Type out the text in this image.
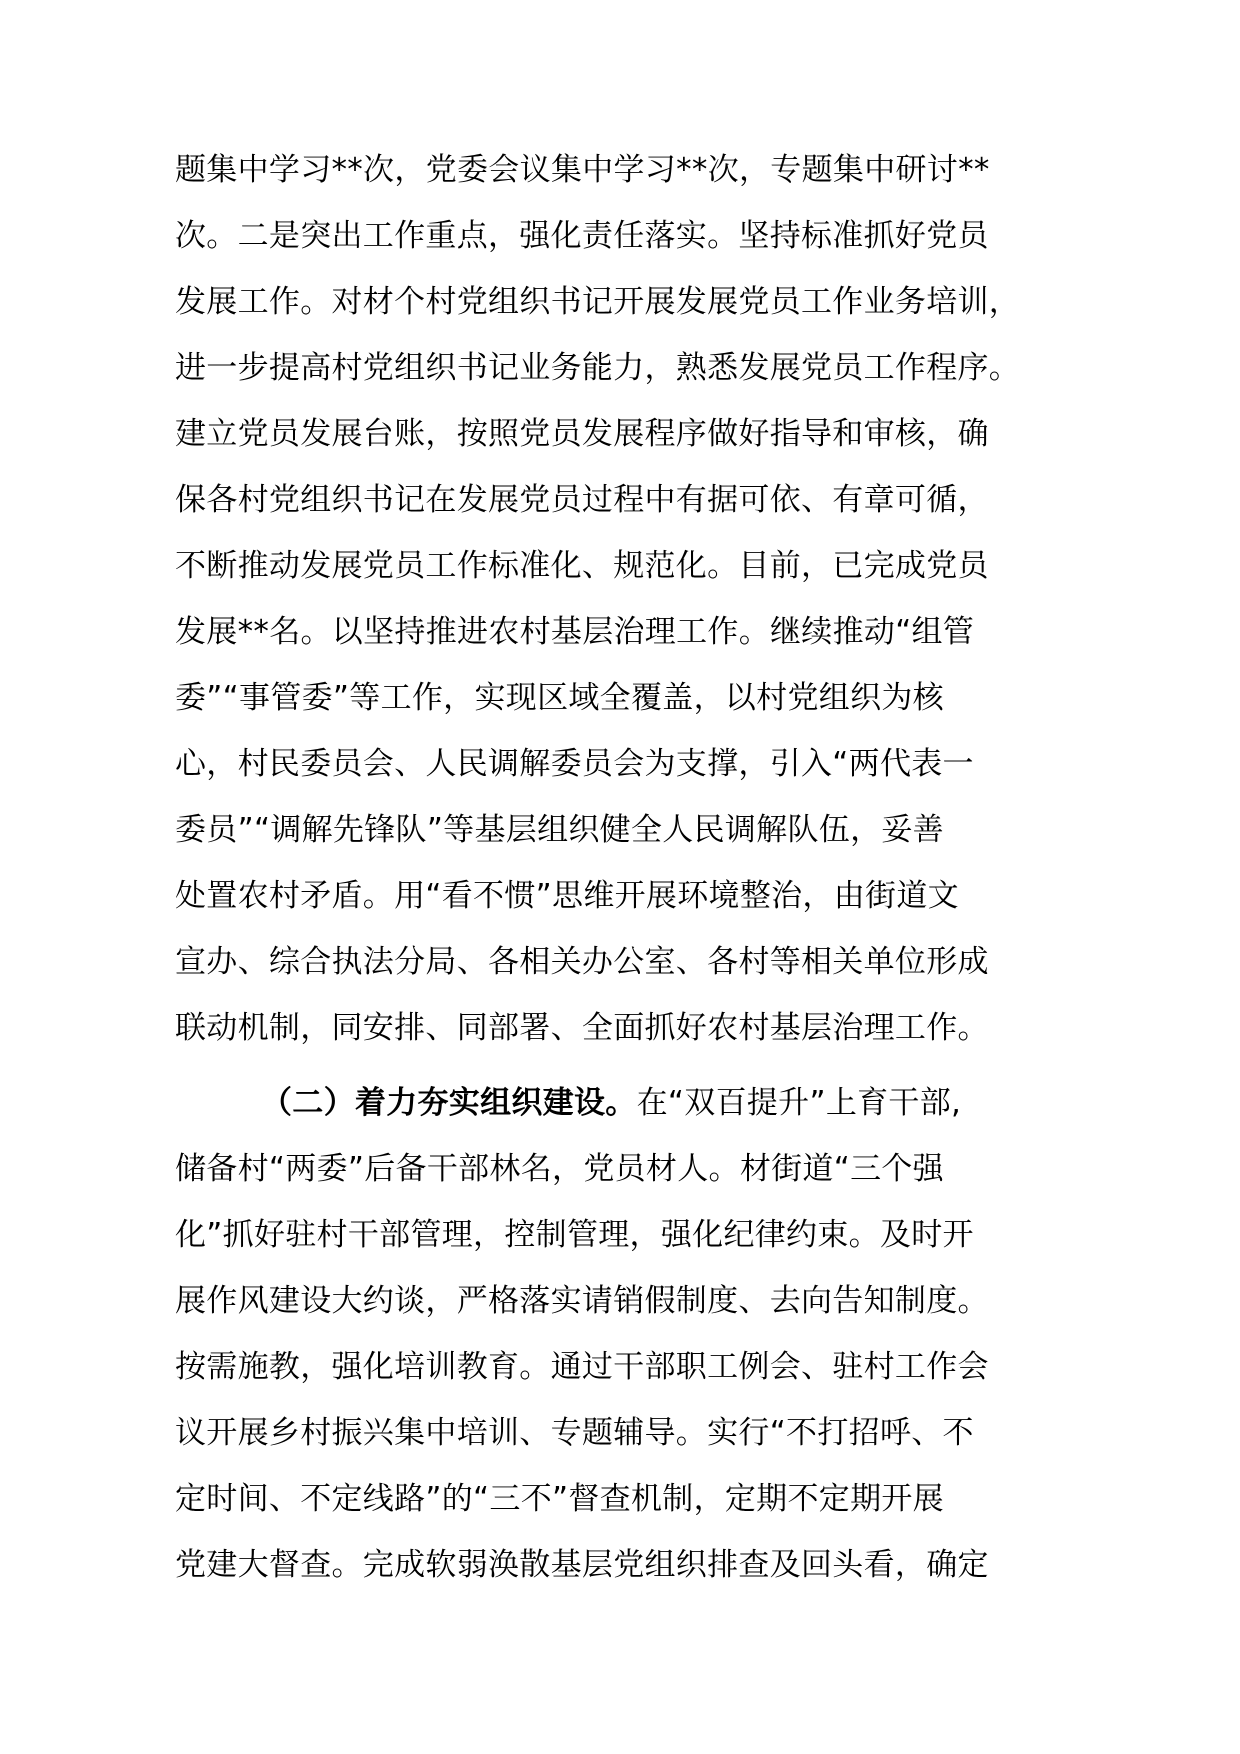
题集中学习**次，党委会议集中学习**次，专题集中研讨**
次。二是突出工作重点，强化责任落实。坚持标准抓好党员
发展工作。对材个村党组织书记开展发展党员工作业务培训，
进一步提高村党组织书记业务能力，熟悉发展党员工作程序。
建立党员发展台账，按照党员发展程序做好指导和审核，确
保各村党组织书记在发展党员过程中有据可依、有章可循，
不断推动发展党员工作标准化、规范化。目前，已完成党员
发展**名。以坚持推进农村基层治理工作。继续推动“组管
委”“事管委”等工作，实现区域全覆盖，以村党组织为核
心，村民委员会、人民调解委员会为支撑，引入“两代表一
委员”“调解先锋队”等基层组织健全人民调解队伍，妥善
处置农村矛盾。用“看不惯”思维开展环境整治，由街道文
宣办、综合执法分局、各相关办公室、各村等相关单位形成
联动机制，同安排、同部署、全面抓好农村基层治理工作。
（二）着力夯实组织建设。在“双百提升”上育干部,
储备村“两委”后备干部林名，党员材人。材街道“三个强
化”抓好驻村干部管理，控制管理，强化纪律约束。及时开
展作风建设大约谈，严格落实请销假制度、去向告知制度。
按需施教，强化培训教育。通过干部职工例会、驻村工作会
议开展乡村振兴集中培训、专题辅导。实行“不打招呼、不
定时间、不定线路”的“三不”督查机制，定期不定期开展
党建大督查。完成软弱涣散基层党组织排查及回头看，确定
